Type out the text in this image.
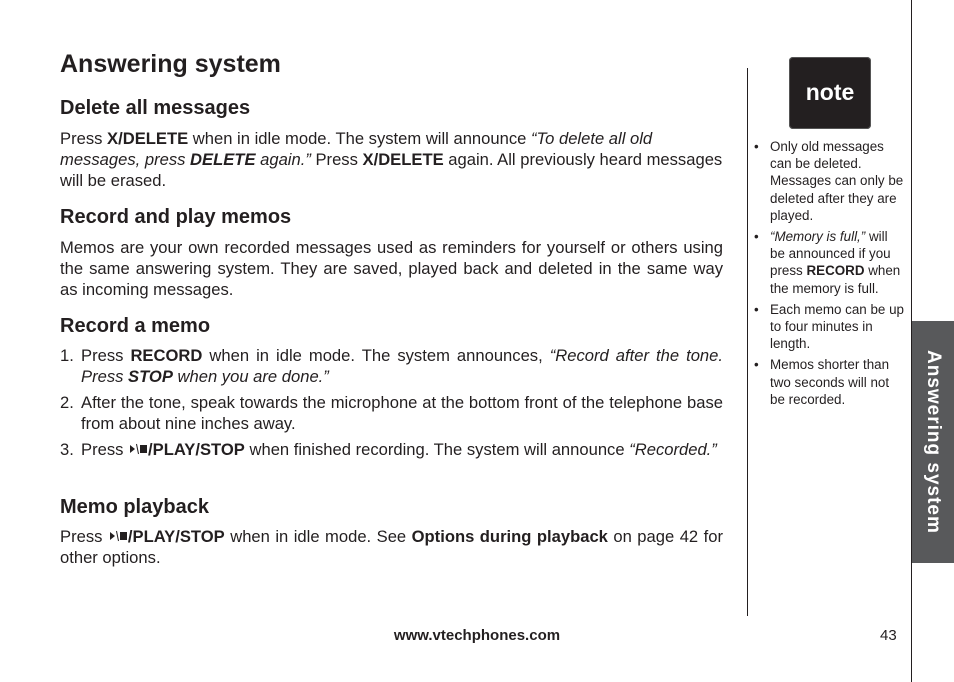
Answering system
Delete all messages

Press X/DELETE when in idle mode. The system will announce “To delete all old messages, press DELETE again.” Press X/DELETE again. All previously heard messages will be erased.

Record and play memos

Memos are your own recorded messages used as reminders for yourself or others using the same answering system. They are saved, played back and deleted in the same way as incoming messages.

Record a memo
1. Press RECORD when in idle mode. The system announces, “Record after the tone. Press STOP when you are done.”
2. After the tone, speak towards the microphone at the bottom front of the telephone base from about nine inches away.
3. Press
/PLAY/STOP when finished recording. The system will announce “Recorded.”
Memo playback

Press
/PLAY/STOP when in idle mode. See Options during playback on page 42 for other options.

note
• Only old messages can be deleted. Messages can only be deleted after they are played.
• “Memory is full,” will be announced if you press RECORD when the memory is full.
• Each memo can be up to four minutes in length.
• Memos shorter than two seconds will not be recorded.	Answering system
www.vtechphones.com	43
